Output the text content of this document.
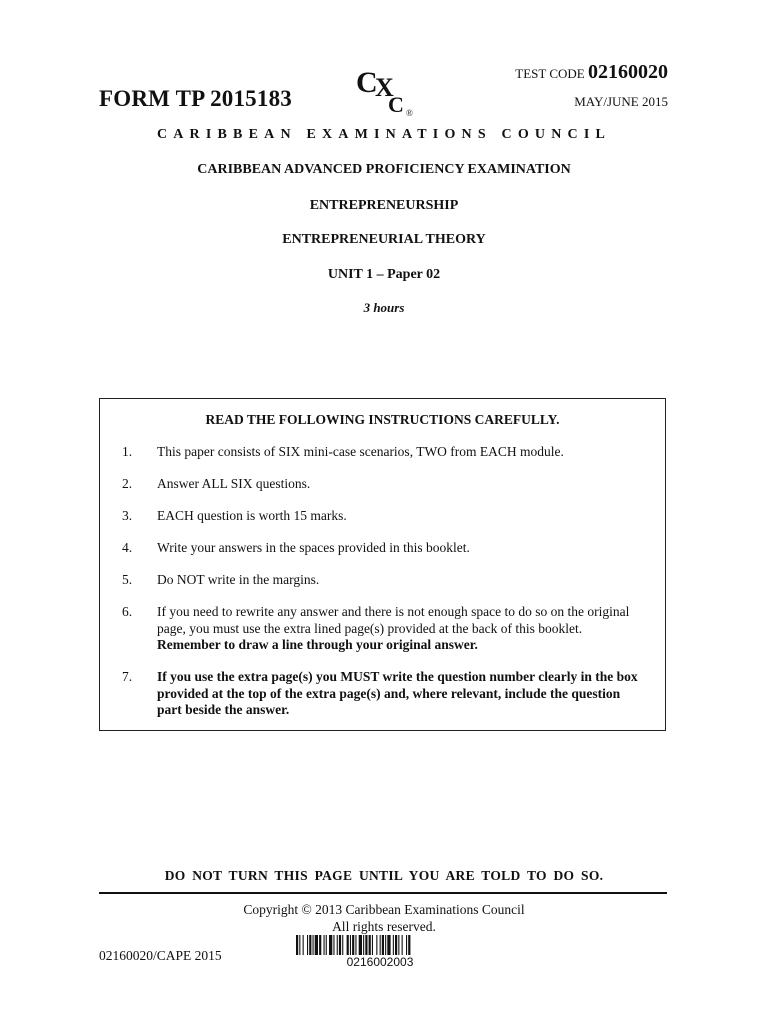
FORM TP 2015183 C
X
C ®
TEST CODE 02160020
MAY/JUNE 2015
CARIBBEAN EXAMINATIONS COUNCIL
CARIBBEAN ADVANCED PROFICIENCY EXAMINATION
ENTREPRENEURSHIP
ENTREPRENEURIAL THEORY
UNIT 1 – Paper 02
3 hours
READ THE FOLLOWING INSTRUCTIONS CAREFULLY.
1. This paper consists of SIX mini-case scenarios, TWO from EACH module.
2. Answer ALL SIX questions.
3. EACH question is worth 15 marks.
4. Write your answers in the spaces provided in this booklet.
5. Do NOT write in the margins.
6. If you need to rewrite any answer and there is not enough space to do so on the original page, you must use the extra lined page(s) provided at the back of this booklet.  Remember to draw a line through your original answer.
7. If you use the extra page(s) you MUST write the question number clearly in the box provided at the top of the extra page(s) and, where relevant, include the question part beside the answer.
DO NOT TURN THIS PAGE UNTIL YOU ARE TOLD TO DO SO.
Copyright © 2013 Caribbean Examinations Council
All rights reserved.
02160020/CAPE 2015	0216002003
